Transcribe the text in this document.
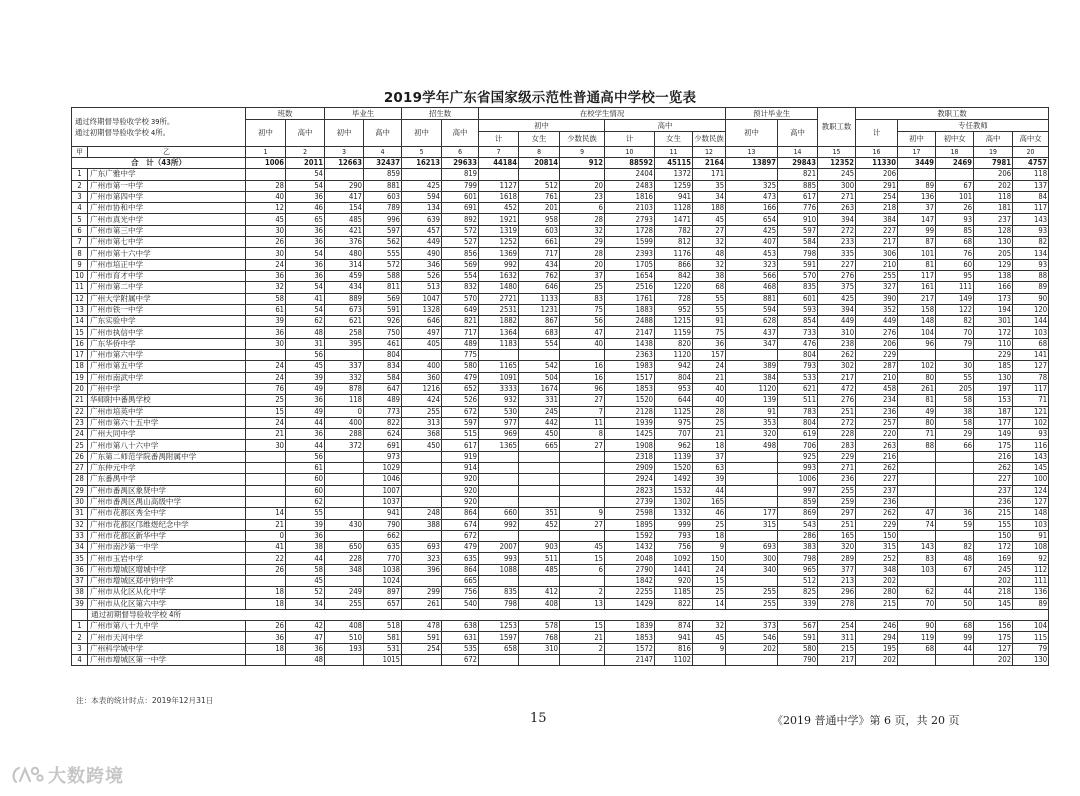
2019学年广东省国家级示范性普通高中学校一览表
通过终期督导验收学校 39所。
通过初期督导验收学校 4所。		班数		毕业生		招生数		在校学生情况						预计毕业生		教职工数	教职工数				
		初中	高中	初中	高中	初中	高中	初中			高中			初中	高中		计	专任教师			
								计	女生	少数民族	计	女生	少数民族					初中	初中女	高中	高中女
甲	乙	1	2	3	4	5	6	7	8	9	10	11	12	13	14	15	16	17	18	19	20
合　计（43所）		1006	2011	12663	32437	16213	29633	44184	20814	912	88592	45115	2164	13897	29843	12352	11330	3449	2469	7981	4757
1	广东广雅中学		54		859		819				2404	1372	171		821	245	206			206	118
2	广州市第一中学	28	54	290	881	425	799	1127	512	20	2483	1259	35	325	885	300	291	89	67	202	137
3	广州市第四中学	40	36	417	603	594	601	1618	761	23	1816	941	34	473	617	271	254	136	101	118	84
4	广州市协和中学	12	46	154	789	134	691	452	201	6	2103	1128	188	166	776	263	218	37	26	181	117
5	广州市真光中学	45	65	485	996	639	892	1921	958	28	2793	1471	45	654	910	394	384	147	93	237	143
6	广州市第三中学	30	36	421	597	457	572	1319	603	32	1728	782	27	425	597	272	227	99	85	128	93
7	广州市第七中学	26	36	376	562	449	527	1252	661	29	1599	812	32	407	584	233	217	87	68	130	82
8	广州市第十六中学	30	54	480	555	490	856	1369	717	28	2393	1176	48	453	798	335	306	101	76	205	134
9	广州市培正中学	24	36	314	572	346	569	992	434	20	1705	866	32	323	591	227	210	81	60	129	93
10	广州市育才中学	36	36	459	588	526	554	1632	762	37	1654	842	38	566	570	276	255	117	95	138	88
11	广州市第二中学	32	54	434	811	513	832	1480	646	25	2516	1220	68	468	835	375	327	161	111	166	89
12	广州大学附属中学	58	41	889	569	1047	570	2721	1133	83	1761	728	55	881	601	425	390	217	149	173	90
13	广州市铁一中学	61	54	673	591	1328	649	2531	1231	75	1883	952	55	594	593	394	352	158	122	194	120
14	广东实验中学	39	62	621	926	646	821	1882	867	56	2488	1215	91	628	854	449	449	148	82	301	144
15	广州市执信中学	36	48	258	750	497	717	1364	683	47	2147	1159	75	437	733	310	276	104	70	172	103
16	广东华侨中学	30	31	395	461	405	489	1183	554	40	1438	820	36	347	476	238	206	96	79	110	68
17	广州市第六中学		56		804		775				2363	1120	157		804	262	229			229	141
18	广州市第五中学	24	45	337	834	400	580	1165	542	16	1983	942	24	389	793	302	287	102	30	185	127
19	广州市南武中学	24	39	332	584	360	479	1091	504	16	1517	804	21	384	533	217	210	80	55	130	78
20	广州中学	76	49	878	647	1216	652	3333	1674	96	1853	953	40	1120	621	472	458	261	205	197	117
21	华师附中番禺学校	25	36	118	489	424	526	932	331	27	1520	644	40	139	511	276	234	81	58	153	71
22	广州市培英中学	15	49	0	773	255	672	530	245	7	2128	1125	28	91	783	251	236	49	38	187	121
23	广州市第六十五中学	24	44	400	822	313	597	977	442	11	1939	975	25	353	804	272	257	80	58	177	102
24	广州大同中学	21	36	288	624	368	515	969	450	8	1425	707	21	320	619	228	220	71	29	149	93
25	广州市第八十六中学	30	44	372	691	450	617	1365	665	27	1908	962	18	498	706	283	263	88	66	175	116
26	广东第二师范学院番禺附属中学		56		973		919				2318	1139	37		925	229	216			216	143
27	广东仲元中学		61		1029		914				2909	1520	63		993	271	262			262	145
28	广东番禺中学		60		1046		920				2924	1492	39		1006	236	227			227	100
29	广州市番禺区象贤中学		60		1007		920				2823	1532	44		997	255	237			237	124
30	广州市番禺区禺山高级中学		62		1037		920				2739	1302	165		859	259	236			236	127
31	广州市花都区秀全中学	14	55		941	248	864	660	351	9	2598	1332	46	177	869	297	262	47	36	215	148
32	广州市花都区邝维煜纪念中学	21	39	430	790	388	674	992	452	27	1895	999	25	315	543	251	229	74	59	155	103
33	广州市花都区新华中学	0	36		662		672				1592	793	18		286	165	150			150	91
34	广州市南沙第一中学	41	38	650	635	693	479	2007	903	45	1432	756	9	693	383	320	315	143	82	172	108
35	广州市玉岩中学	22	44	228	770	323	635	993	511	15	2048	1092	150	300	798	289	252	83	48	169	92
36	广州市增城区增城中学	26	58	348	1038	396	864	1088	485	6	2790	1441	24	340	965	377	348	103	67	245	112
37	广州市增城区郑中钧中学		45		1024		665				1842	920	15		512	213	202			202	111
38	广州市从化区从化中学	18	52	249	897	299	756	835	412	2	2255	1185	25	255	825	296	280	62	44	218	136
39	广州市从化区第六中学	18	34	255	657	261	540	798	408	13	1429	822	14	255	339	278	215	70	50	145	89
	通过初期督导验收学校 4所																				
1	广州市第八十九中学	26	42	408	518	478	638	1253	578	15	1839	874	32	373	567	254	246	90	68	156	104
2	广州市天河中学	36	47	510	581	591	631	1597	768	21	1853	941	45	546	591	311	294	119	99	175	115
3	广州科学城中学	18	36	193	531	254	535	658	310	2	1572	816	9	202	580	215	195	68	44	127	79
4	广州市增城区第一中学		48		1015		672				2147	1102			790	217	202			202	130
注：本表的统计时点：2019年12月31日
15	《2019 普通中学》第 6 页，共 20 页
大数跨境
